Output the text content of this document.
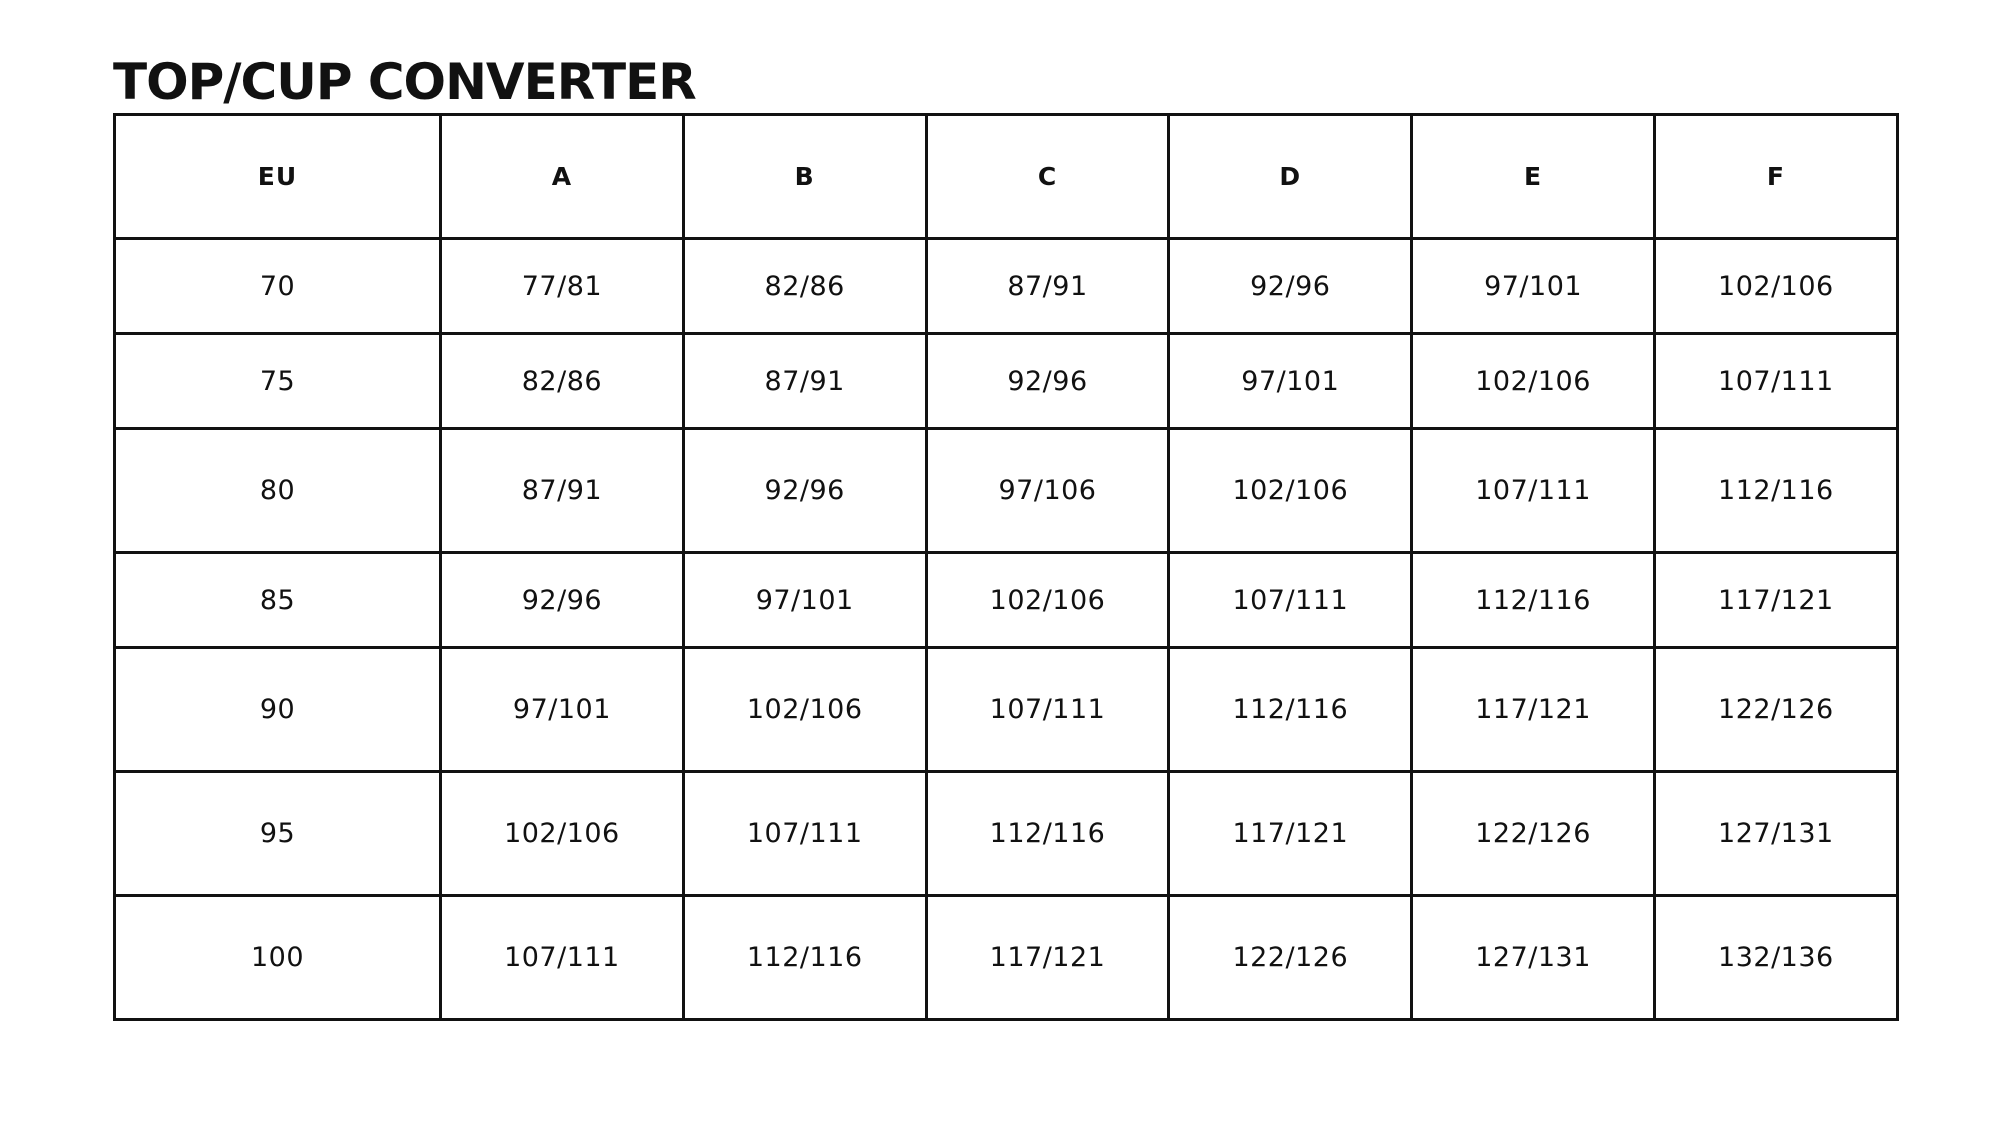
TOP/CUP CONVERTER
EU	A	B	C	D	E	F
70	77/81	82/86	87/91	92/96	97/101	102/106
75	82/86	87/91	92/96	97/101	102/106	107/111
80	87/91	92/96	97/106	102/106	107/111	112/116
85	92/96	97/101	102/106	107/111	112/116	117/121
90	97/101	102/106	107/111	112/116	117/121	122/126
95	102/106	107/111	112/116	117/121	122/126	127/131
100	107/111	112/116	117/121	122/126	127/131	132/136
